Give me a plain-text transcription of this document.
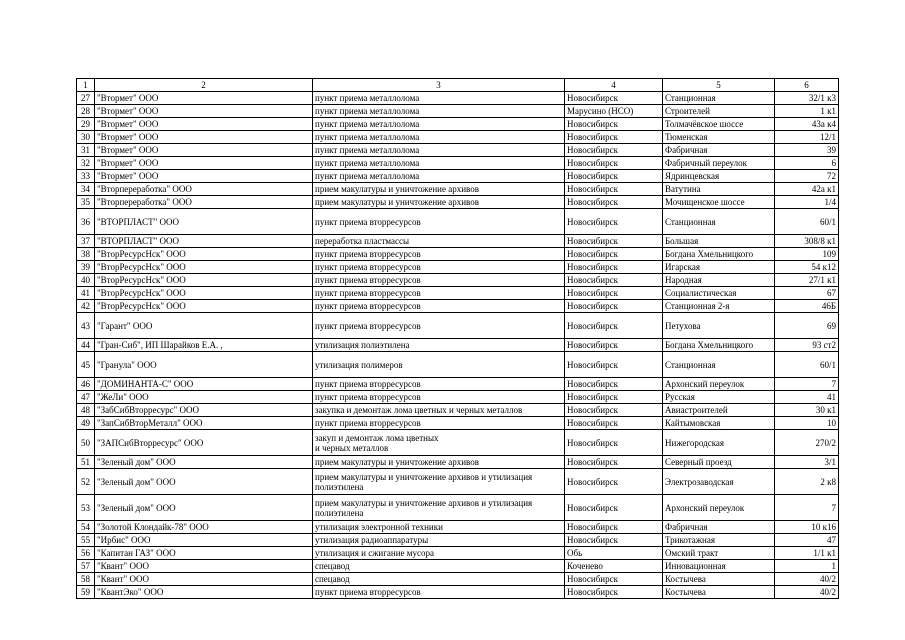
1	2	3	4	5	6
27	"Втормет" ООО	пункт приема металлолома	Новосибирск	Станционная	32/1 к3
28	"Втормет" ООО	пункт приема металлолома	Марусино (НСО)	Строителей	1 к1
29	"Втормет" ООО	пункт приема металлолома	Новосибирск	Толмачёвское шоссе	43а к4
30	"Втормет" ООО	пункт приема металлолома	Новосибирск	Тюменская	12/1
31	"Втормет" ООО	пункт приема металлолома	Новосибирск	Фабричная	39
32	"Втормет" ООО	пункт приема металлолома	Новосибирск	Фабричный переулок	6
33	"Втормет" ООО	пункт приема металлолома	Новосибирск	Ядринцевская	72
34	"Вторпереработка" ООО	прием макулатуры и уничтожение архивов	Новосибирск	Ватутина	42а к1
35	"Вторпереработка" ООО	прием макулатуры и уничтожение архивов	Новосибирск	Мочищенское шоссе	1/4
36	"ВТОРПЛАСТ" ООО	пункт приема вторресурсов	Новосибирск	Станционная	60/1
37	"ВТОРПЛАСТ" ООО	переработка пластмассы	Новосибирск	Большая	308/8 к1
38	"ВторРесурсНск" ООО	пункт приема вторресурсов	Новосибирск	Богдана Хмельницкого	109
39	"ВторРесурсНск" ООО	пункт приема вторресурсов	Новосибирск	Игарская	54 к12
40	"ВторРесурсНск" ООО	пункт приема вторресурсов	Новосибирск	Народная	27/1 к1
41	"ВторРесурсНск" ООО	пункт приема вторресурсов	Новосибирск	Социалистическая	67
42	"ВторРесурсНск" ООО	пункт приема вторресурсов	Новосибирск	Станционная 2-я	46Б
43	"Гарант" ООО	пункт приема вторресурсов	Новосибирск	Петухова	69
44	"Гран-Сиб", ИП Шарайков Е.А. ,	утилизация полиэтилена	Новосибирск	Богдана Хмельницкого	93 ст2
45	"Гранула" ООО	утилизация полимеров	Новосибирск	Станционная	60/1
46	"ДОМИНАНТА-С" ООО	пункт приема вторресурсов	Новосибирск	Архонский переулок	7
47	"ЖеЛи" ООО	пункт приема вторресурсов	Новосибирск	Русская	41
48	"ЗабСибВторресурс" ООО	закупка и демонтаж лома цветных и черных металлов	Новосибирск	Авиастроителей	30 к1
49	"ЗапСибВторМеталл" ООО	пункт приема вторресурсов	Новосибирск	Кайтымовская	10
50	"ЗАПСибВторресурс" ООО	закуп и демонтаж лома цветных
и черных металлов	Новосибирск	Нижегородская	270/2
51	"Зеленый дом" ООО	прием макулатуры и уничтожение архивов	Новосибирск	Северный проезд	3/1
52	"Зеленый дом" ООО	прием макулатуры и уничтожение архивов и утилизация
полиэтилена	Новосибирск	Электрозаводская	2 к8
53	"Зеленый дом" ООО	прием макулатуры и уничтожение архивов и утилизация
полиэтилена	Новосибирск	Архонский переулок	7
54	"Золотой Клондайк-78" ООО	утилизация электронной техники	Новосибирск	Фабричная	10 к16
55	"Ирбис" ООО	утилизация радиоаппаратуры	Новосибирск	Трикотажная	47
56	"Капитан ГАЗ" ООО	утилизация и сжигание мусора	Обь	Омский тракт	1/1 к1
57	"Квант" ООО	спецавод	Коченево	Инновационная	1
58	"Квант" ООО	спецавод	Новосибирск	Костычева	40/2
59	"КвантЭко" ООО	пункт приема вторресурсов	Новосибирск	Костычева	40/2
